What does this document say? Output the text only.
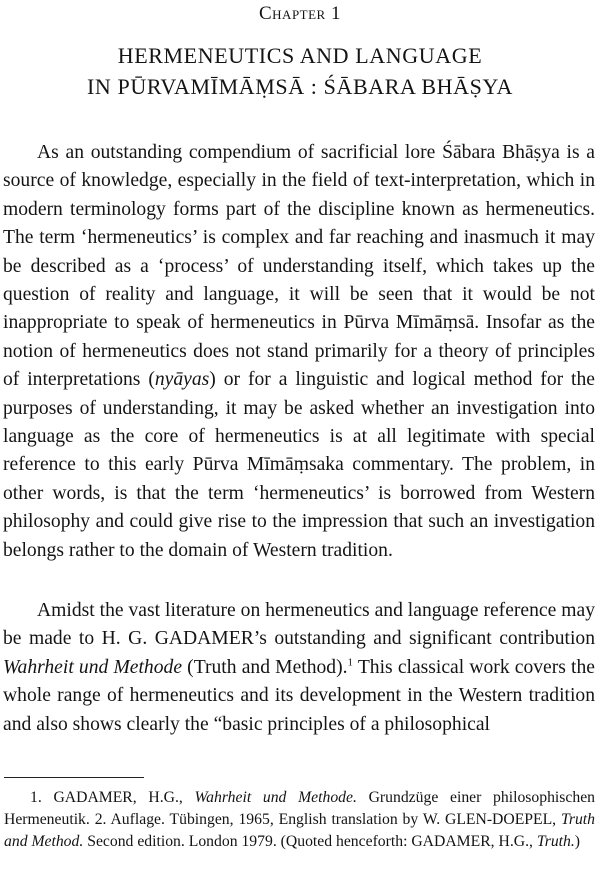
Chapter 1
HERMENEUTICS AND LANGUAGE
IN PŪRVAMĪMĀṂSĀ : ŚĀBARA BHĀṢYA

As an outstanding compendium of sacrificial lore Śābara Bhāṣya is a source of knowledge, especially in the field of text-interpretation, which in modern terminology forms part of the discipline known as hermeneutics. The term ‘hermeneutics’ is complex and far reaching and inasmuch it may be described as a ‘process’ of understanding itself, which takes up the question of reality and language, it will be seen that it would be not inappropriate to speak of hermeneutics in Pūrva Mīmāṃsā. Insofar as the notion of hermeneutics does not stand primarily for a theory of principles of interpretations (nyāyas) or for a linguistic and logical method for the purposes of understanding, it may be asked whether an investigation into language as the core of hermeneutics is at all legitimate with special reference to this early Pūrva Mīmāṃsaka commentary. The problem, in other words, is that the term ‘hermeneutics’ is borrowed from Western philosophy and could give rise to the impression that such an investigation belongs rather to the domain of Western tradition.

Amidst the vast literature on hermeneutics and language reference may be made to H. G. GADAMER’s outstanding and significant contribution Wahrheit und Methode (Truth and Method).$^1$ This classical work covers the whole range of hermeneutics and its development in the Western tradition and also shows clearly the “basic principles of a philosophical

1. GADAMER, H.G., Wahrheit und Methode. Grundzüge einer philosophischen Hermeneutik. 2. Auflage. Tübingen, 1965, English translation by W. GLEN-DOEPEL, Truth and Method. Second edition. London 1979. (Quoted henceforth: GADAMER, H.G., Truth.)
